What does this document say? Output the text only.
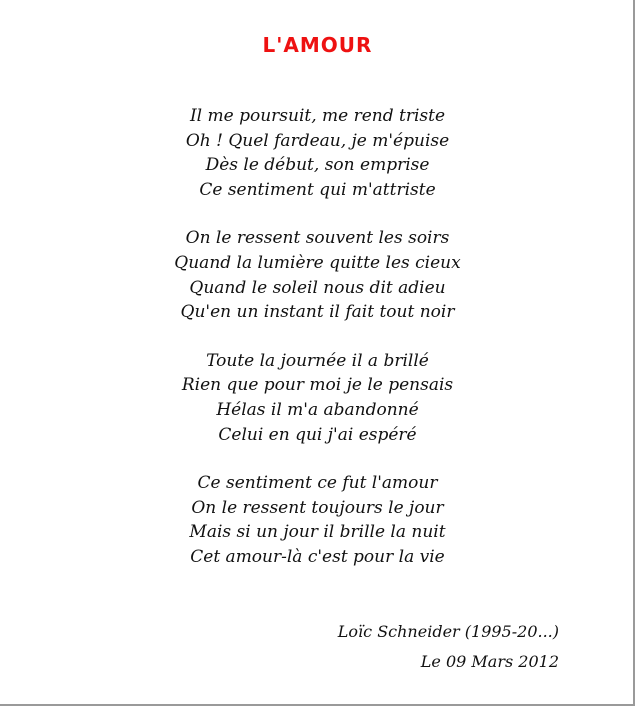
L'AMOUR
Il me poursuit, me rend triste
Oh ! Quel fardeau, je m'épuise
Dès le début, son emprise
Ce sentiment qui m'attriste
On le ressent souvent les soirs
Quand la lumière quitte les cieux
Quand le soleil nous dit adieu
Qu'en un instant il fait tout noir
Toute la journée il a brillé
Rien que pour moi je le pensais
Hélas il m'a abandonné
Celui en qui j'ai espéré
Ce sentiment ce fut l'amour
On le ressent toujours le jour
Mais si un jour il brille la nuit
Cet amour-là c'est pour la vie
Loïc Schneider (1995-20...)
Le 09 Mars 2012
